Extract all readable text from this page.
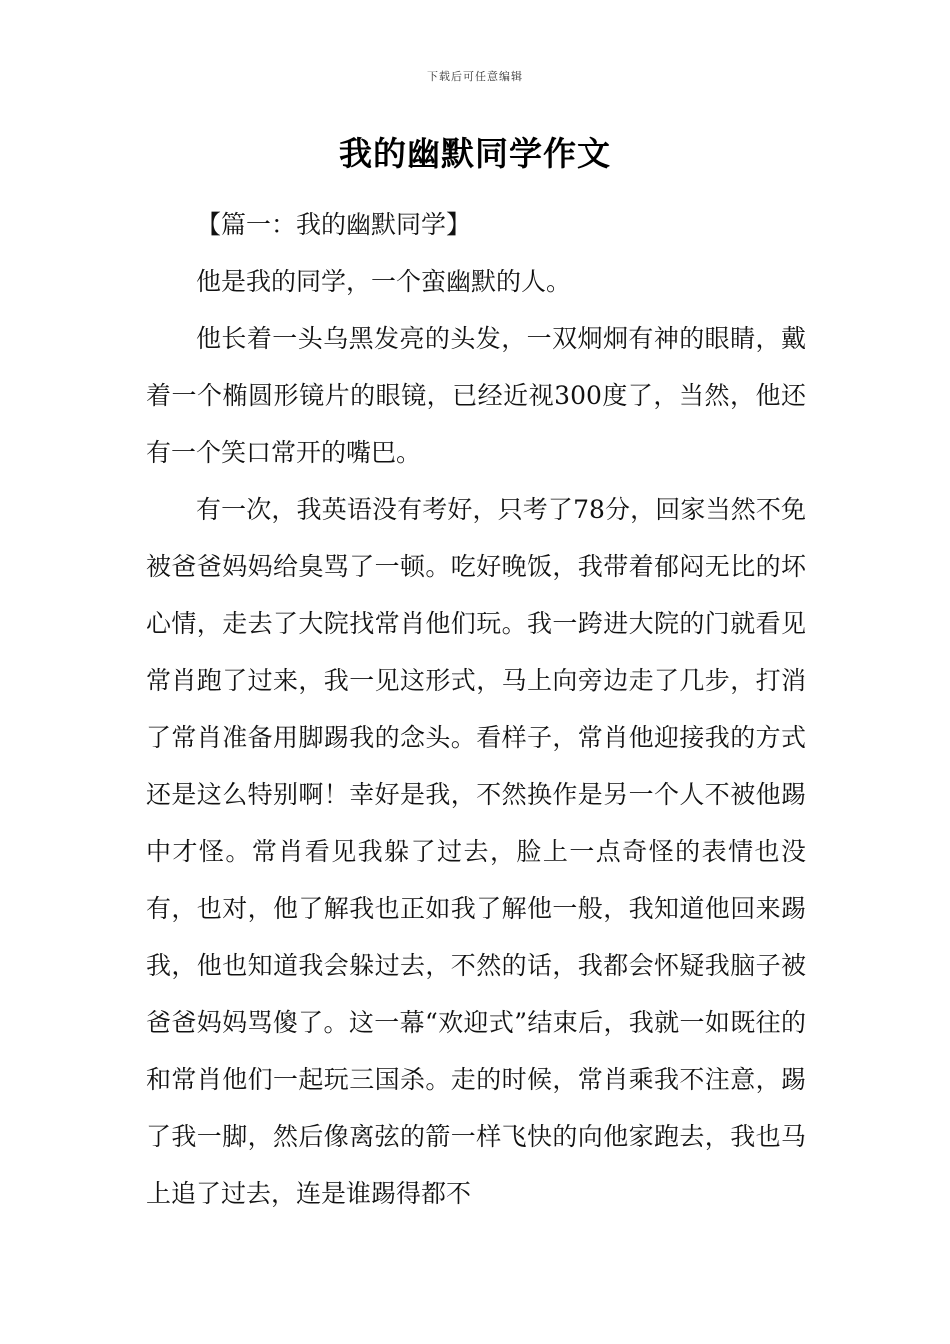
下载后可任意编辑
我的幽默同学作文

【篇一：我的幽默同学】

他是我的同学，一个蛮幽默的人。

他长着一头乌黑发亮的头发，一双炯炯有神的眼睛，戴着一个椭圆形镜片的眼镜，已经近视300度了，当然，他还有一个笑口常开的嘴巴。

有一次，我英语没有考好，只考了78分，回家当然不免被爸爸妈妈给臭骂了一顿。吃好晚饭，我带着郁闷无比的坏心情，走去了大院找常肖他们玩。我一跨进大院的门就看见常肖跑了过来，我一见这形式，马上向旁边走了几步，打消了常肖准备用脚踢我的念头。看样子，常肖他迎接我的方式还是这么特别啊！幸好是我，不然换作是另一个人不被他踢中才怪。常肖看见我躲了过去，脸上一点奇怪的表情也没有，也对，他了解我也正如我了解他一般，我知道他回来踢我，他也知道我会躲过去，不然的话，我都会怀疑我脑子被爸爸妈妈骂傻了。这一幕“欢迎式”结束后，我就一如既往的和常肖他们一起玩三国杀。走的时候，常肖乘我不注意，踢了我一脚，然后像离弦的箭一样飞快的向他家跑去，我也马上追了过去，连是谁踢得都不
